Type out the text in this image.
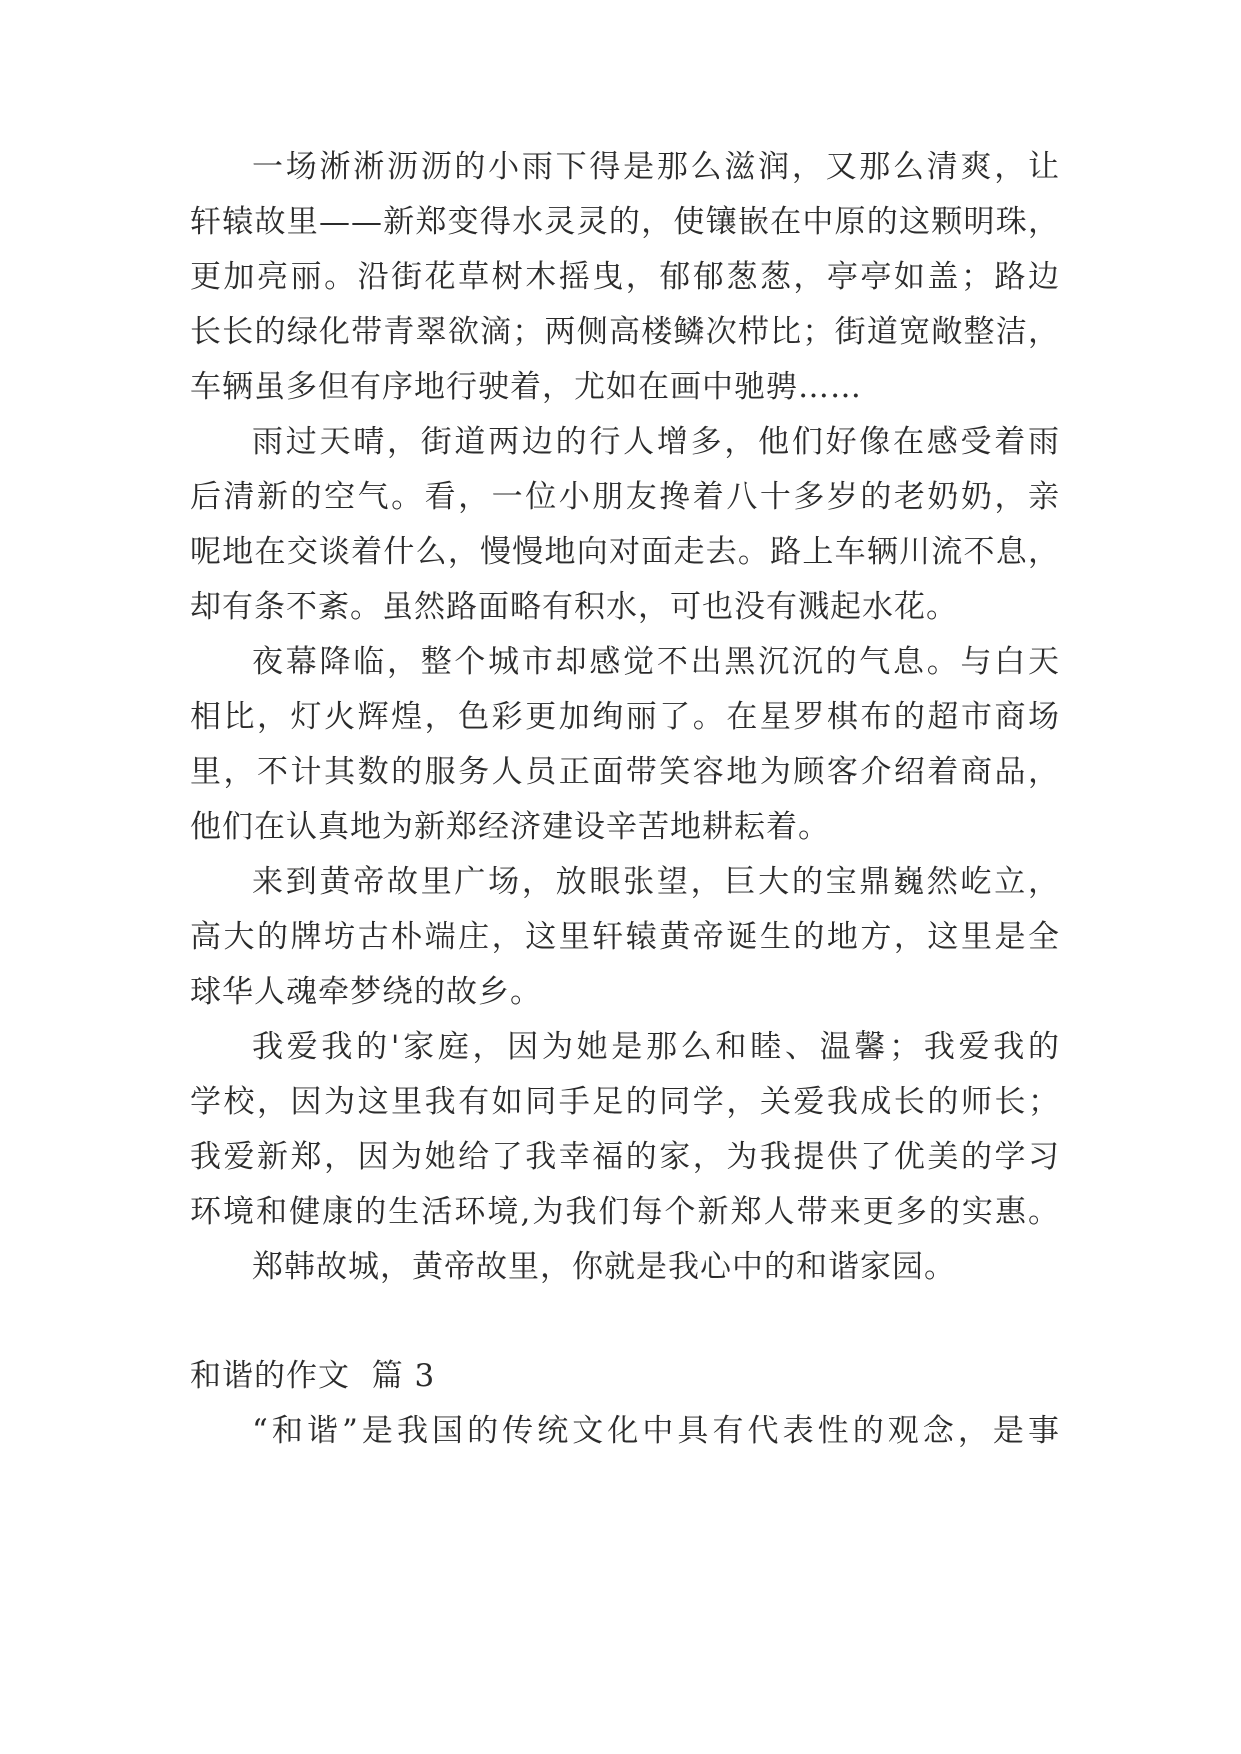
一场淅淅沥沥的小雨下得是那么滋润，又那么清爽，让
轩辕故里——新郑变得水灵灵的，使镶嵌在中原的这颗明珠，
更加亮丽。沿街花草树木摇曳，郁郁葱葱，亭亭如盖；路边
长长的绿化带青翠欲滴；两侧高楼鳞次栉比；街道宽敞整洁，
车辆虽多但有序地行驶着，尤如在画中驰骋……
雨过天晴，街道两边的行人增多，他们好像在感受着雨
后清新的空气。看，一位小朋友搀着八十多岁的老奶奶，亲
呢地在交谈着什么，慢慢地向对面走去。路上车辆川流不息，
却有条不紊。虽然路面略有积水，可也没有溅起水花。
夜幕降临，整个城市却感觉不出黑沉沉的气息。与白天
相比，灯火辉煌，色彩更加绚丽了。在星罗棋布的超市商场
里，不计其数的服务人员正面带笑容地为顾客介绍着商品，
他们在认真地为新郑经济建设辛苦地耕耘着。
来到黄帝故里广场，放眼张望，巨大的宝鼎巍然屹立，
高大的牌坊古朴端庄，这里轩辕黄帝诞生的地方，这里是全
球华人魂牵梦绕的故乡。
我爱我的'家庭，因为她是那么和睦、温馨；我爱我的
学校，因为这里我有如同手足的同学，关爱我成长的师长；
我爱新郑，因为她给了我幸福的家，为我提供了优美的学习
环境和健康的生活环境,为我们每个新郑人带来更多的实惠。
郑韩故城，黄帝故里，你就是我心中的和谐家园。
和谐的作文  篇 3
“和谐”是我国的传统文化中具有代表性的观念，是事
